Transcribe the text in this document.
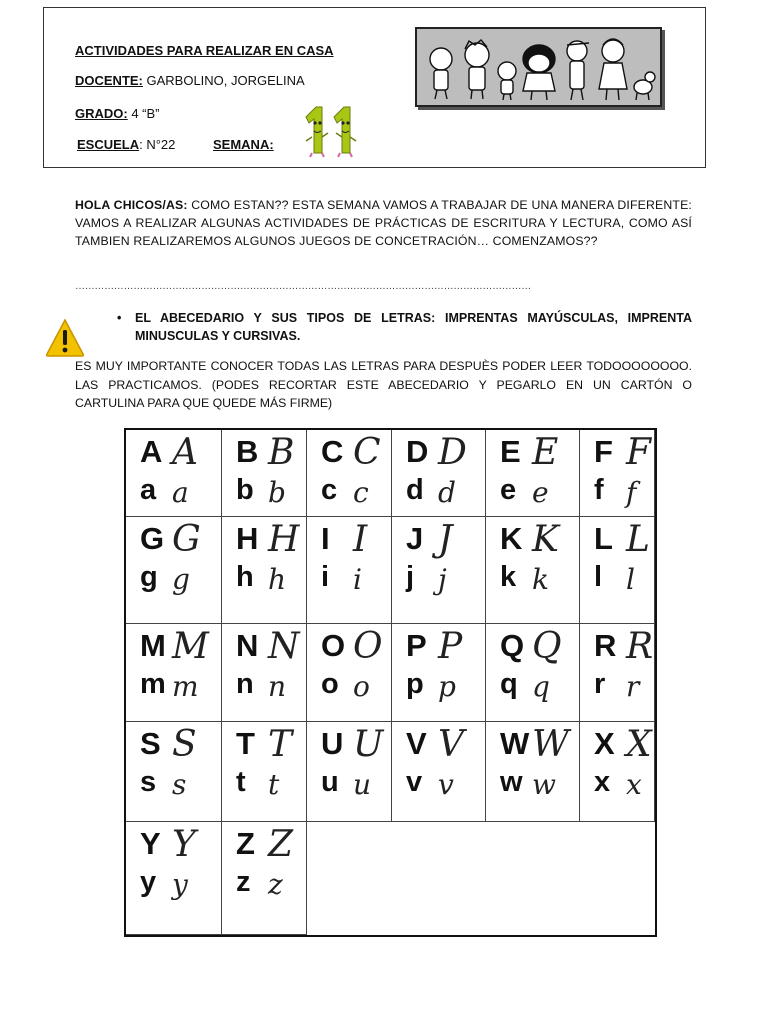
ACTIVIDADES PARA REALIZAR EN CASA
DOCENTE: GARBOLINO, JORGELINA
GRADO: 4 “B”
ESCUELA: N°22	SEMANA:
HOLA CHICOS/AS: COMO ESTAN?? ESTA SEMANA VAMOS A TRABAJAR DE UNA MANERA DIFERENTE: VAMOS A REALIZAR ALGUNAS ACTIVIDADES DE PRÁCTICAS DE ESCRITURA Y LECTURA, COMO ASÍ TAMBIEN REALIZAREMOS ALGUNOS JUEGOS DE CONCETRACIÓN… COMENZAMOS??
……………………………………………………………………………………………………………………………
•	EL ABECEDARIO Y SUS TIPOS DE LETRAS: IMPRENTAS MAYÚSCULAS, IMPRENTA MINUSCULAS Y CURSIVAS.
ES MUY IMPORTANTE CONOCER TODAS LAS LETRAS PARA DESPUÈS PODER LEER TODOOOOOOOO. LAS PRACTICAMOS. (PODES RECORTAR ESTE ABECEDARIO Y PEGARLO EN UN CARTÓN O CARTULINA PARA QUE QUEDE MÁS FIRME)
A A
a a
B B
b b
C C
c c
D D
d d
E E
e e
F F
f f
G G
g g
H H
h h
I I
i i
J J
j j
K K
k k
L L
l l
M M
m m
N N
n n
O O
o o
P P
p p
Q Q
q q
R R
r r
S S
s s
T T
t t
U U
u u
V V
v v
W W
w w
X X
x x
Y Y
y y
Z Z
z z
